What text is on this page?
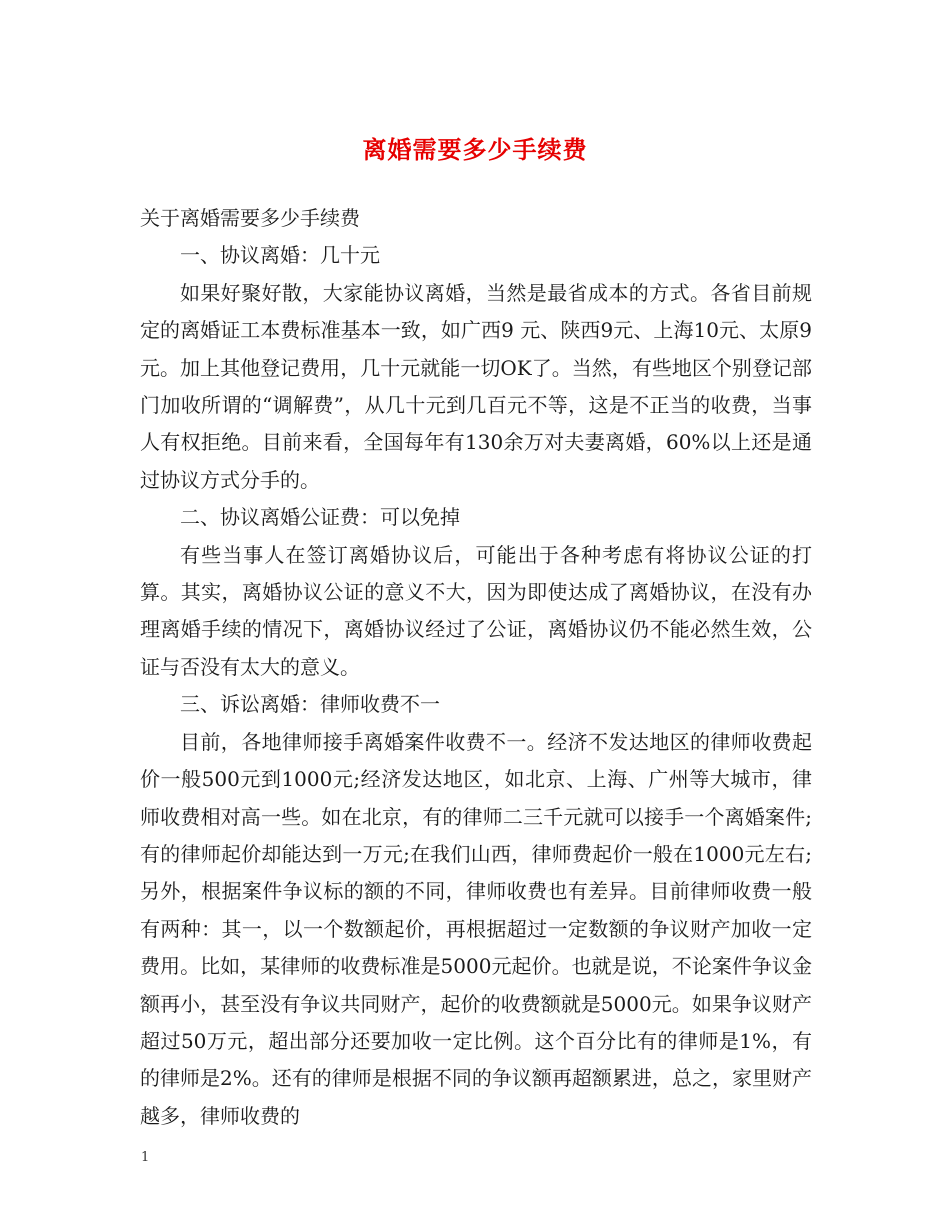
离婚需要多少手续费

关于离婚需要多少手续费

一、协议离婚：几十元

如果好聚好散，大家能协议离婚，当然是最省成本的方式。各省目前规定的离婚证工本费标准基本一致，如广西9 元、陕西9元、上海10元、太原9元。加上其他登记费用，几十元就能一切OK了。当然，有些地区个别登记部门加收所谓的“调解费”，从几十元到几百元不等，这是不正当的收费，当事人有权拒绝。目前来看，全国每年有130余万对夫妻离婚，60%以上还是通过协议方式分手的。

二、协议离婚公证费：可以免掉

有些当事人在签订离婚协议后，可能出于各种考虑有将协议公证的打算。其实，离婚协议公证的意义不大，因为即使达成了离婚协议，在没有办理离婚手续的情况下，离婚协议经过了公证，离婚协议仍不能必然生效，公证与否没有太大的意义。

三、诉讼离婚：律师收费不一

目前，各地律师接手离婚案件收费不一。经济不发达地区的律师收费起价一般500元到1000元;经济发达地区，如北京、上海、广州等大城市，律师收费相对高一些。如在北京，有的律师二三千元就可以接手一个离婚案件;有的律师起价却能达到一万元;在我们山西，律师费起价一般在1000元左右;另外，根据案件争议标的额的不同，律师收费也有差异。目前律师收费一般有两种：其一，以一个数额起价，再根据超过一定数额的争议财产加收一定费用。比如，某律师的收费标准是5000元起价。也就是说，不论案件争议金额再小，甚至没有争议共同财产，起价的收费额就是5000元。如果争议财产超过50万元，超出部分还要加收一定比例。这个百分比有的律师是1%，有的律师是2%。还有的律师是根据不同的争议额再超额累进，总之，家里财产越多，律师收费的

1
